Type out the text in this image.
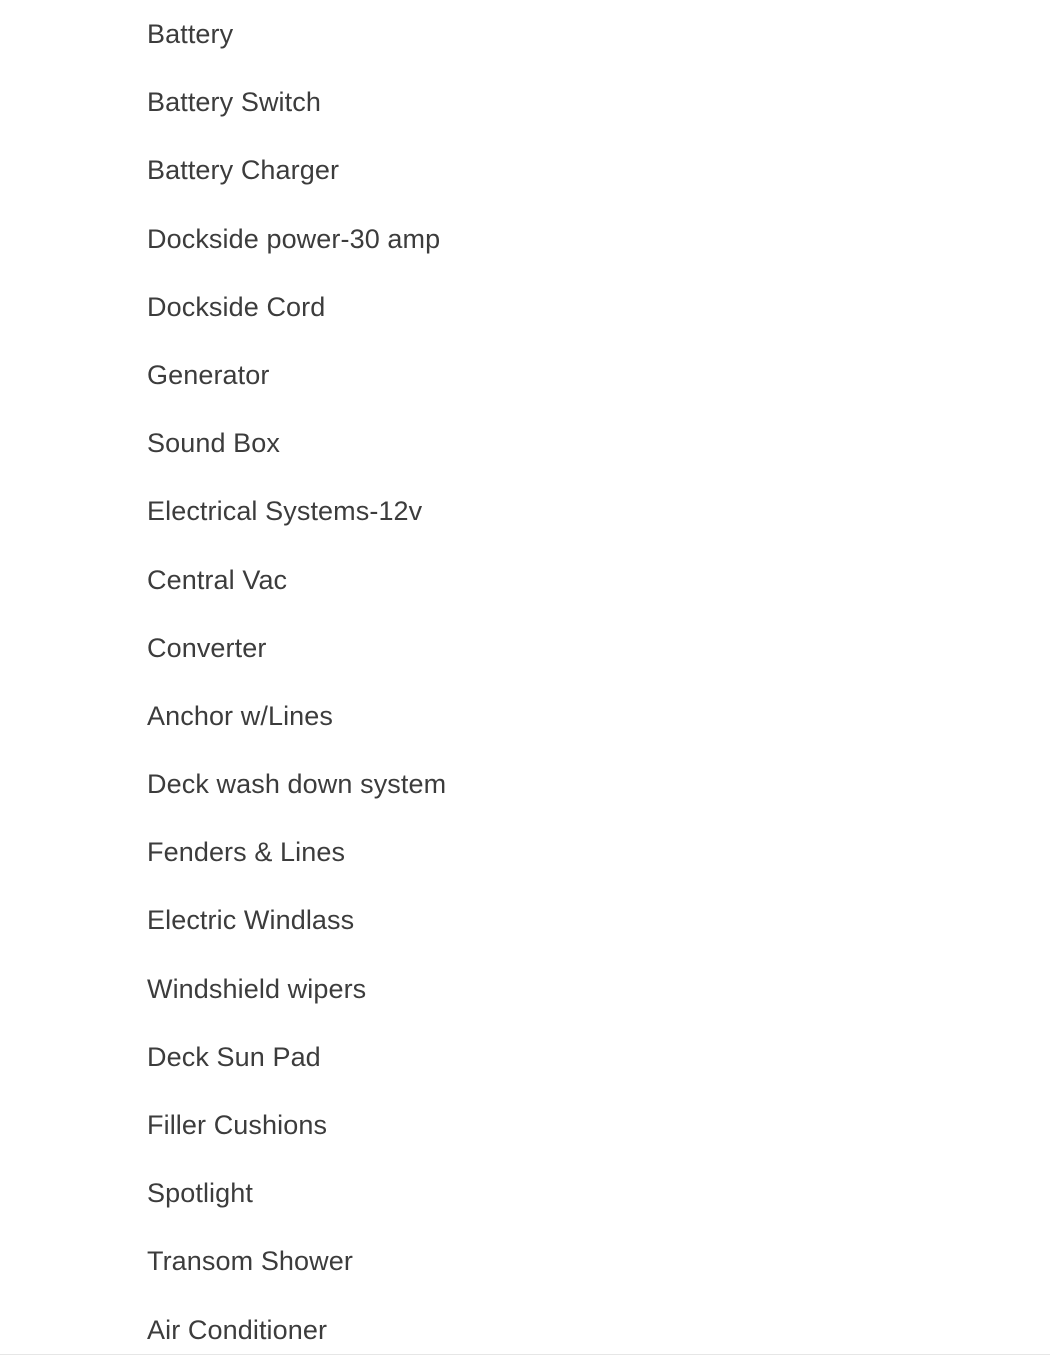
Battery
Battery Switch
Battery Charger
Dockside power-30 amp
Dockside Cord
Generator
Sound Box
Electrical Systems-12v
Central Vac
Converter
Anchor w/Lines
Deck wash down system
Fenders & Lines
Electric Windlass
Windshield wipers
Deck Sun Pad
Filler Cushions
Spotlight
Transom Shower
Air Conditioner
